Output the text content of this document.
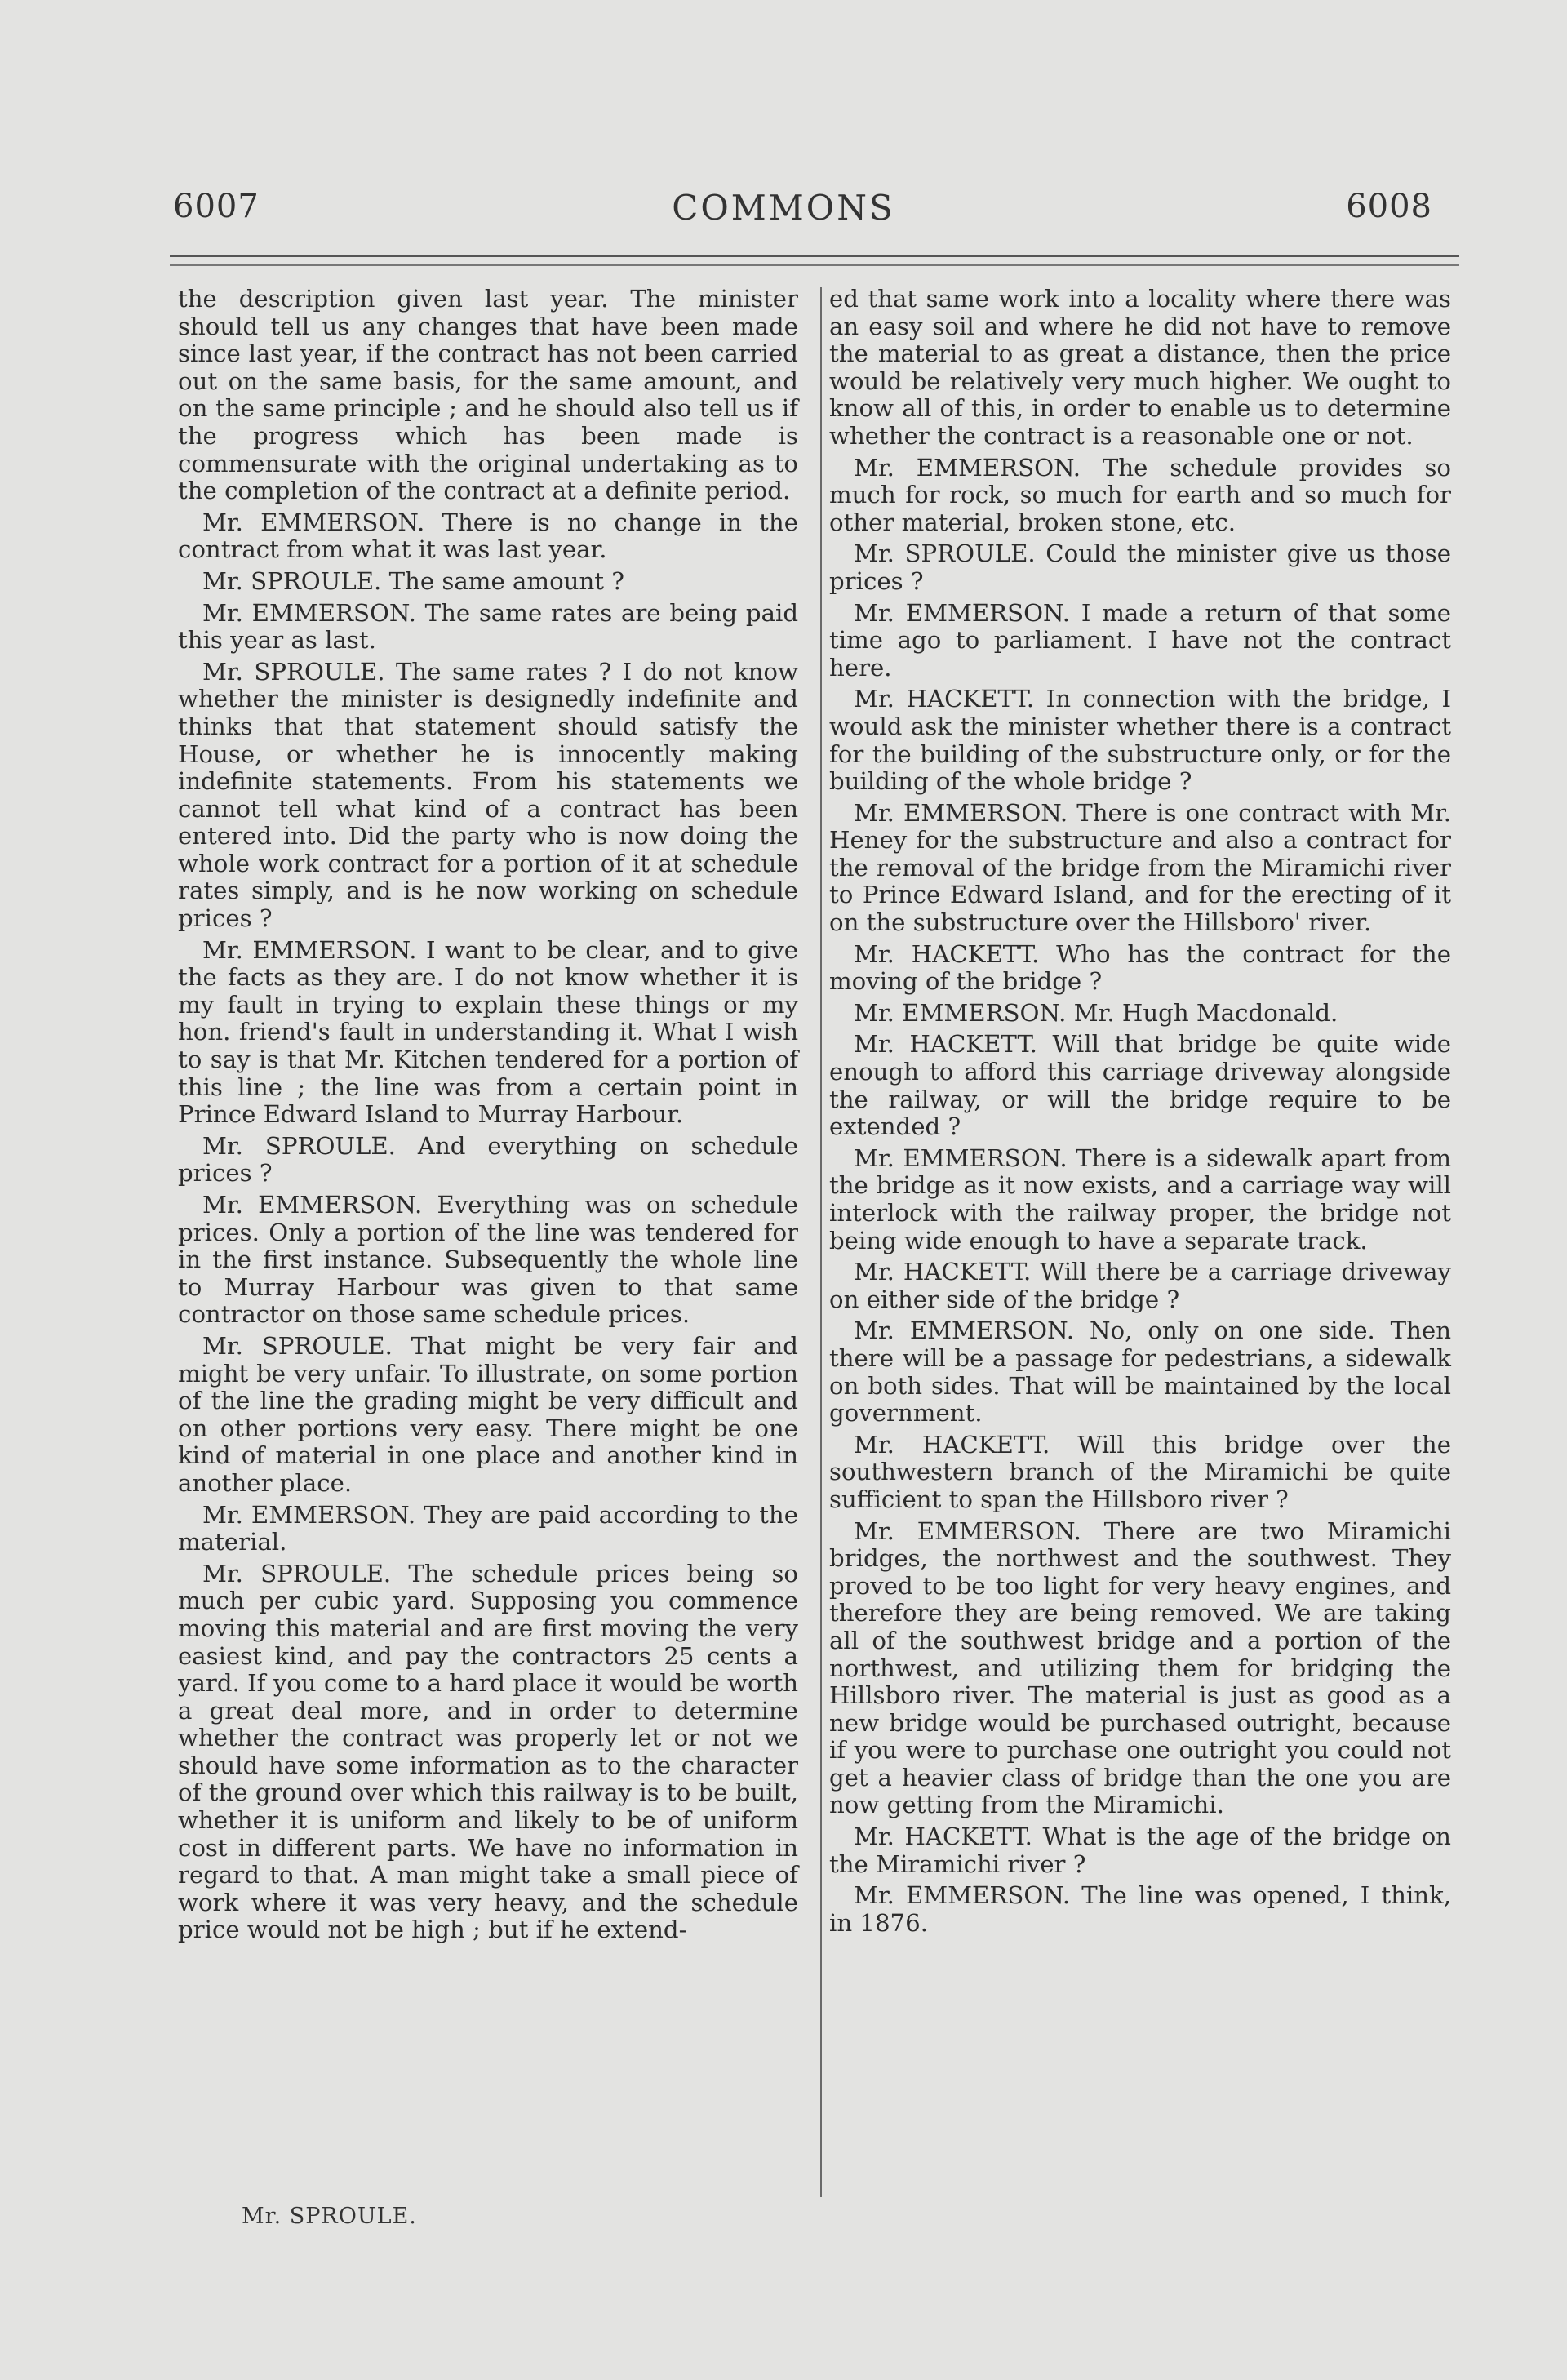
6007	COMMONS	6008

the description given last year. The minister should tell us any changes that have been made since last year, if the contract has not been carried out on the same basis, for the same amount, and on the same principle ; and he should also tell us if the progress which has been made is commensurate with the original undertaking as to the completion of the contract at a definite period.

Mr. EMMERSON. There is no change in the contract from what it was last year.

Mr. SPROULE. The same amount ?

Mr. EMMERSON. The same rates are being paid this year as last.

Mr. SPROULE. The same rates ? I do not know whether the minister is designedly indefinite and thinks that that statement should satisfy the House, or whether he is innocently making indefinite statements. From his statements we cannot tell what kind of a contract has been entered into. Did the party who is now doing the whole work contract for a portion of it at schedule rates simply, and is he now working on schedule prices ?

Mr. EMMERSON. I want to be clear, and to give the facts as they are. I do not know whether it is my fault in trying to explain these things or my hon. friend's fault in understanding it. What I wish to say is that Mr. Kitchen tendered for a portion of this line ; the line was from a certain point in Prince Edward Island to Murray Harbour.

Mr. SPROULE. And everything on schedule prices ?

Mr. EMMERSON. Everything was on schedule prices. Only a portion of the line was tendered for in the first instance. Subsequently the whole line to Murray Harbour was given to that same contractor on those same schedule prices.

Mr. SPROULE. That might be very fair and might be very unfair. To illustrate, on some portion of the line the grading might be very difficult and on other portions very easy. There might be one kind of material in one place and another kind in another place.

Mr. EMMERSON. They are paid according to the material.

Mr. SPROULE. The schedule prices being so much per cubic yard. Supposing you commence moving this material and are first moving the very easiest kind, and pay the contractors 25 cents a yard. If you come to a hard place it would be worth a great deal more, and in order to determine whether the contract was properly let or not we should have some information as to the character of the ground over which this railway is to be built, whether it is uniform and likely to be of uniform cost in different parts. We have no information in regard to that. A man might take a small piece of work where it was very heavy, and the schedule price would not be high ; but if he extend-

ed that same work into a locality where there was an easy soil and where he did not have to remove the material to as great a distance, then the price would be relatively very much higher. We ought to know all of this, in order to enable us to determine whether the contract is a reasonable one or not.

Mr. EMMERSON. The schedule provides so much for rock, so much for earth and so much for other material, broken stone, etc.

Mr. SPROULE. Could the minister give us those prices ?

Mr. EMMERSON. I made a return of that some time ago to parliament. I have not the contract here.

Mr. HACKETT. In connection with the bridge, I would ask the minister whether there is a contract for the building of the substructure only, or for the building of the whole bridge ?

Mr. EMMERSON. There is one contract with Mr. Heney for the substructure and also a contract for the removal of the bridge from the Miramichi river to Prince Edward Island, and for the erecting of it on the substructure over the Hillsboro' river.

Mr. HACKETT. Who has the contract for the moving of the bridge ?

Mr. EMMERSON. Mr. Hugh Macdonald.

Mr. HACKETT. Will that bridge be quite wide enough to afford this carriage driveway alongside the railway, or will the bridge require to be extended ?

Mr. EMMERSON. There is a sidewalk apart from the bridge as it now exists, and a carriage way will interlock with the railway proper, the bridge not being wide enough to have a separate track.

Mr. HACKETT. Will there be a carriage driveway on either side of the bridge ?

Mr. EMMERSON. No, only on one side. Then there will be a passage for pedestrians, a sidewalk on both sides. That will be maintained by the local government.

Mr. HACKETT. Will this bridge over the southwestern branch of the Miramichi be quite sufficient to span the Hillsboro river ?

Mr. EMMERSON. There are two Miramichi bridges, the northwest and the southwest. They proved to be too light for very heavy engines, and therefore they are being removed. We are taking all of the southwest bridge and a portion of the northwest, and utilizing them for bridging the Hillsboro river. The material is just as good as a new bridge would be purchased outright, because if you were to purchase one outright you could not get a heavier class of bridge than the one you are now getting from the Miramichi.

Mr. HACKETT. What is the age of the bridge on the Miramichi river ?

Mr. EMMERSON. The line was opened, I think, in 1876.

Mr. SPROULE.
